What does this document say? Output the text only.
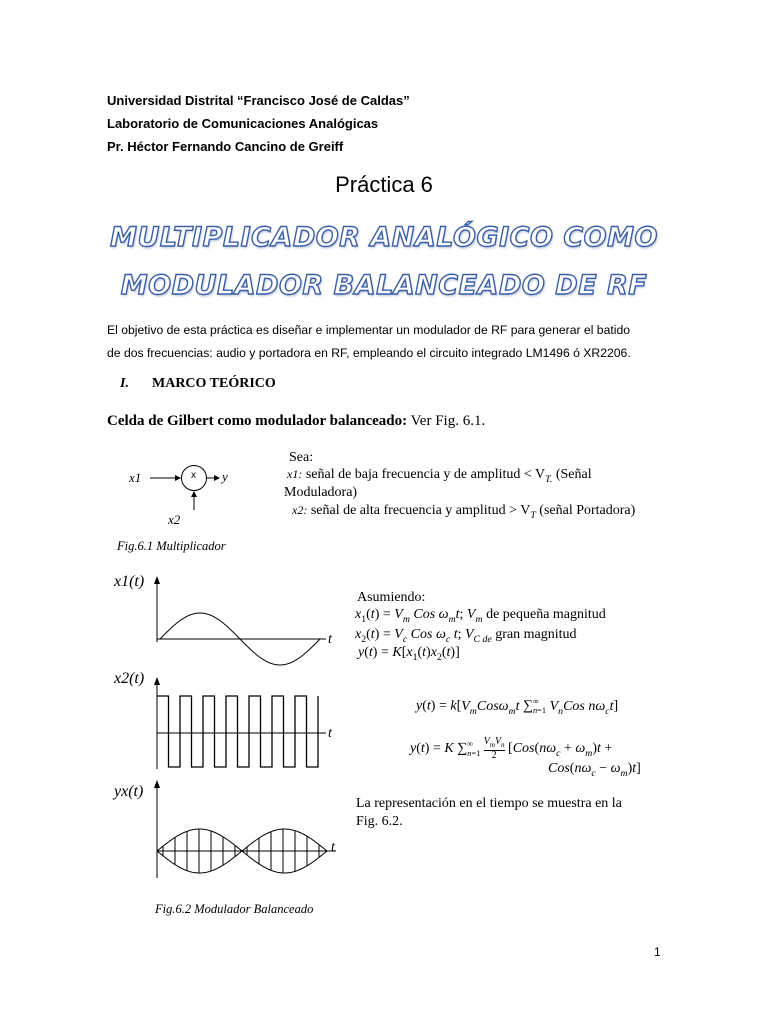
Universidad Distrital “Francisco José de Caldas”
Laboratorio de Comunicaciones Analógicas
Pr. Héctor Fernando Cancino de Greiff
Práctica 6
MULTIPLICADOR ANALÓGICO COMO
MODULADOR BALANCEADO DE RF
El objetivo de esta práctica es diseñar e implementar un modulador de RF para generar el batido
de dos frecuencias: audio y portadora en RF, empleando el circuito integrado LM1496 ó XR2206.
I. MARCO TEÓRICO
Celda de Gilbert como modulador balanceado: Ver Fig. 6.1.
x1	x y
x2
Sea:
x1: señal de baja frecuencia y de amplitud < $V_{T.}$ (Señal
Moduladora)
x2: señal de alta frecuencia y amplitud > $V_T$ (señal Portadora)
Fig.6.1 Multiplicador
x1(t)
t
x2(t)
t
yx(t)
t
Fig.6.2 Modulador Balanceado
Asumiendo:
$x_1(t) = V_m$ Cos $\omega_mt$; $V_m$ de pequeña magnitud
$x_2(t) = V_c$ Cos $\omega_c$ t; $V_{C de}$ gran magnitud
$y(t) = K[x_1(t)x_2(t)]$
$y(t) = k[V_mCos\omega_mt$ $\sum^\infty_{n=1}$ $V_nCos$ $n\omega_ct$]
y(t) = K $\sum^\infty_{n=1}$
$V_mV_n$
2 [$Cos(n\omega_c + \omega_m)t$ +
$Cos(n\omega_c - \omega_m)t$]
La representación en el tiempo se muestra en la
Fig. 6.2.
1
